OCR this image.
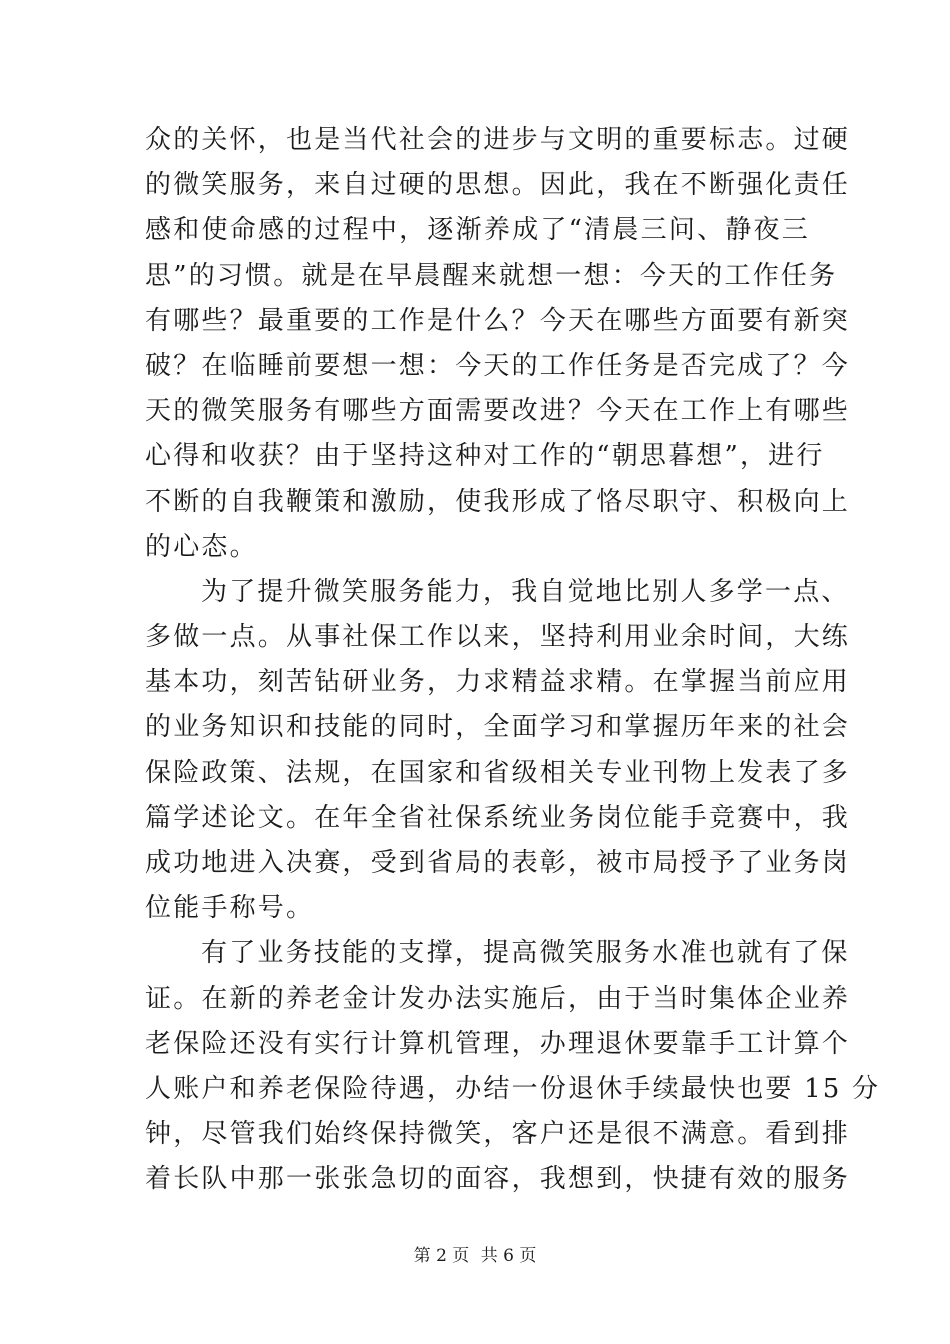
众的关怀，也是当代社会的进步与文明的重要标志。过硬
的微笑服务，来自过硬的思想。因此，我在不断强化责任
感和使命感的过程中，逐渐养成了“清晨三问、静夜三
思”的习惯。就是在早晨醒来就想一想：今天的工作任务
有哪些？最重要的工作是什么？今天在哪些方面要有新突
破？在临睡前要想一想：今天的工作任务是否完成了？今
天的微笑服务有哪些方面需要改进？今天在工作上有哪些
心得和收获？由于坚持这种对工作的“朝思暮想”，进行
不断的自我鞭策和激励，使我形成了恪尽职守、积极向上
的心态。
为了提升微笑服务能力，我自觉地比别人多学一点、
多做一点。从事社保工作以来，坚持利用业余时间，大练
基本功，刻苦钻研业务，力求精益求精。在掌握当前应用
的业务知识和技能的同时，全面学习和掌握历年来的社会
保险政策、法规，在国家和省级相关专业刊物上发表了多
篇学述论文。在年全省社保系统业务岗位能手竞赛中，我
成功地进入决赛，受到省局的表彰，被市局授予了业务岗
位能手称号。
有了业务技能的支撑，提高微笑服务水准也就有了保
证。在新的养老金计发办法实施后，由于当时集体企业养
老保险还没有实行计算机管理，办理退休要靠手工计算个
人账户和养老保险待遇，办结一份退休手续最快也要 15 分
钟，尽管我们始终保持微笑，客户还是很不满意。看到排
着长队中那一张张急切的面容，我想到，快捷有效的服务
第 2 页 共 6 页
